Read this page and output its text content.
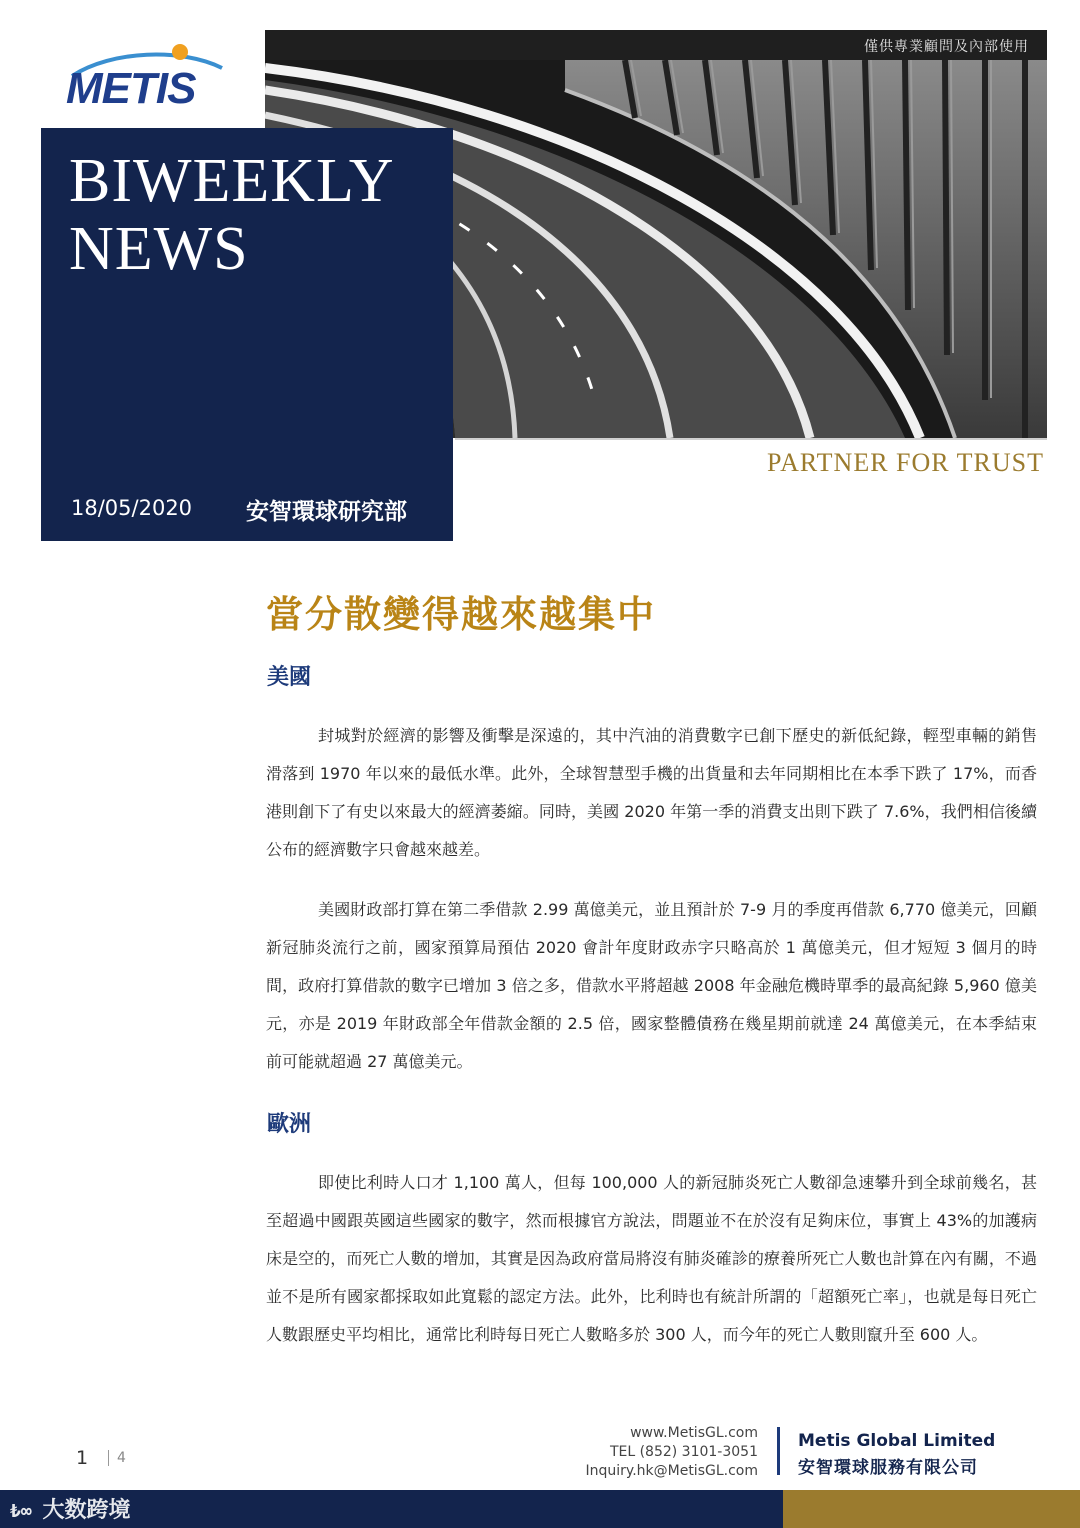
僅供專業顧問及內部使用
METIS
BIWEEKLY
NEWS
18/05/2020 安智環球研究部
PARTNER FOR TRUST
當分散變得越來越集中
美國

封城對於經濟的影響及衝擊是深遠的，其中汽油的消費數字已創下歷史的新低紀錄，輕型車輛的銷售滑落到 1970 年以來的最低水準。此外，全球智慧型手機的出貨量和去年同期相比在本季下跌了 17%，而香港則創下了有史以來最大的經濟萎縮。同時，美國 2020 年第一季的消費支出則下跌了 7.6%，我們相信後續公布的經濟數字只會越來越差。

美國財政部打算在第二季借款 2.99 萬億美元，並且預計於 7-9 月的季度再借款 6,770 億美元，回顧新冠肺炎流行之前，國家預算局預估 2020 會計年度財政赤字只略高於 1 萬億美元，但才短短 3 個月的時間，政府打算借款的數字已增加 3 倍之多，借款水平將超越 2008 年金融危機時單季的最高紀錄 5,960 億美元，亦是 2019 年財政部全年借款金額的 2.5 倍，國家整體債務在幾星期前就達 24 萬億美元，在本季結束前可能就超過 27 萬億美元。

歐洲

即使比利時人口才 1,100 萬人，但每 100,000 人的新冠肺炎死亡人數卻急速攀升到全球前幾名，甚至超過中國跟英國這些國家的數字，然而根據官方說法，問題並不在於沒有足夠床位，事實上 43%的加護病床是空的，而死亡人數的增加，其實是因為政府當局將沒有肺炎確診的療養所死亡人數也計算在內有關，不過並不是所有國家都採取如此寬鬆的認定方法。此外，比利時也有統計所謂的「超額死亡率」，也就是每日死亡人數跟歷史平均相比，通常比利時每日死亡人數略多於 300 人，而今年的死亡人數則竄升至 600 人。

1	4
www.MetisGL.com
TEL (852) 3101-3051
Inquiry.hk@MetisGL.com
Metis Global Limited
安智環球服務有限公司
₺∞ 大数跨境
